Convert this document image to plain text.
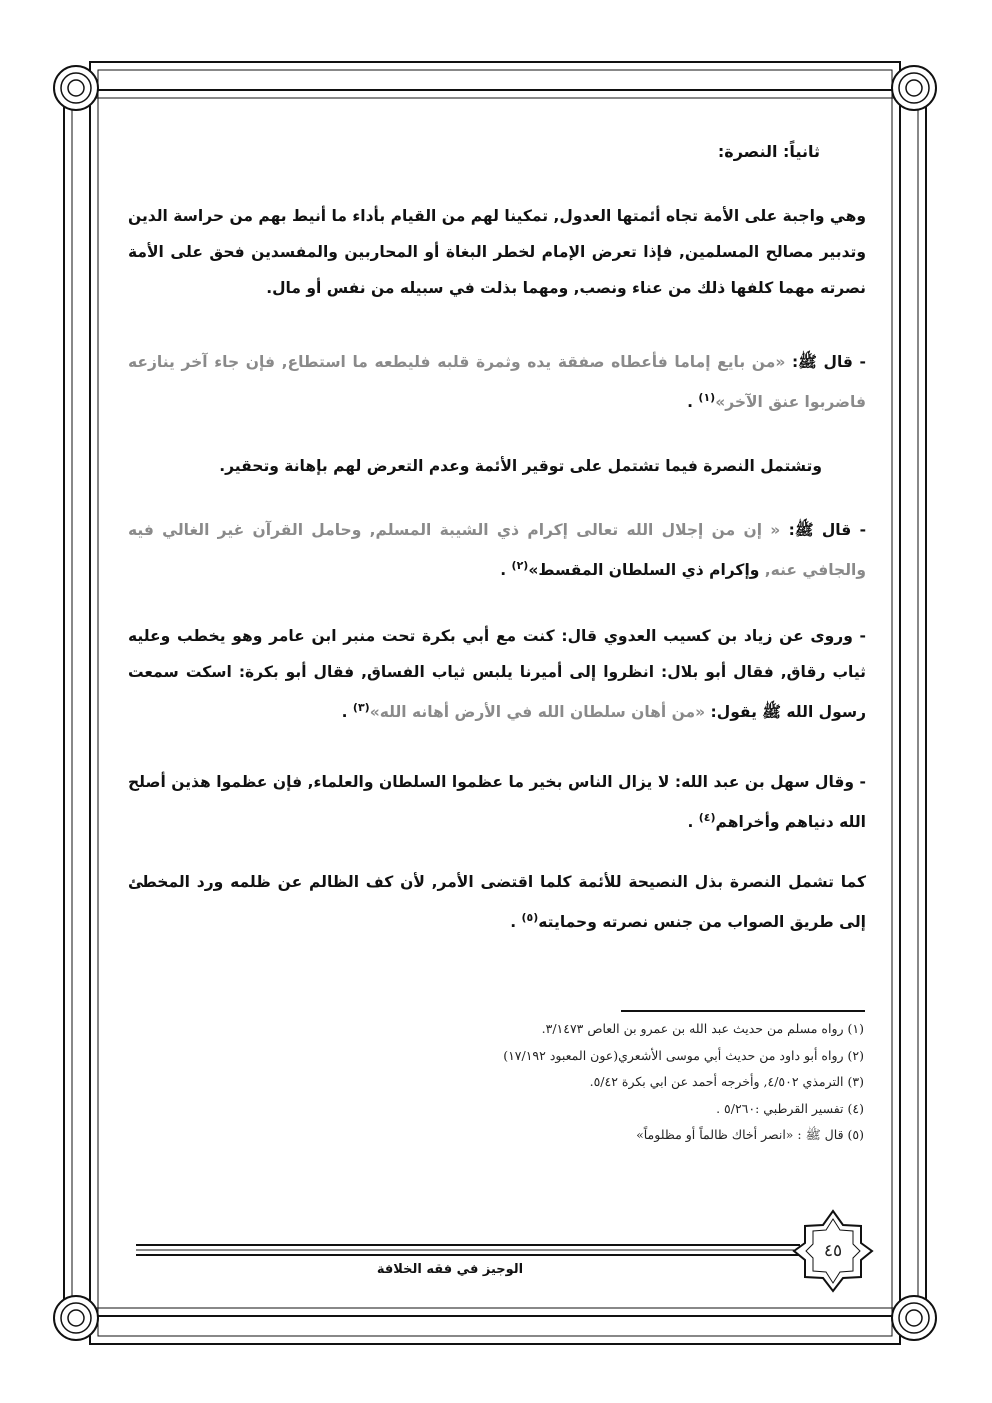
ثانياً: النصرة:

وهي واجبة على الأمة تجاه أئمتها العدول, تمكينا لهم من القيام بأداء ما أنيط بهم من حراسة الدين وتدبير مصالح المسلمين, فإذا تعرض الإمام لخطر البغاة أو المحاربين والمفسدين فحق على الأمة نصرته مهما كلفها ذلك من عناء ونصب, ومهما بذلت في سبيله من نفس أو مال.

- قال ﷺ: «من بايع إماما فأعطاه صفقة يده وثمرة قلبه فليطعه ما استطاع, فإن جاء آخر ينازعه فاضربوا عنق الآخر»$^{(١)}$ .

وتشتمل النصرة فيما تشتمل على توقير الأئمة وعدم التعرض لهم بإهانة وتحقير.

- قال ﷺ: « إن من إجلال الله تعالى إكرام ذي الشيبة المسلم, وحامل القرآن غير الغالي فيه والجافي عنه, وإكرام ذي السلطان المقسط»$^{(٢)}$ .

- وروى عن زياد بن كسيب العدوي قال: كنت مع أبي بكرة تحت منبر ابن عامر وهو يخطب وعليه ثياب رقاق, فقال أبو بلال: انظروا إلى أميرنا يلبس ثياب الفساق, فقال أبو بكرة: اسكت سمعت رسول الله ﷺ يقول: «من أهان سلطان الله في الأرض أهانه الله»$^{(٣)}$ .

- وقال سهل بن عبد الله: لا يزال الناس بخير ما عظموا السلطان والعلماء, فإن عظموا هذين أصلح الله دنياهم وأخراهم$^{(٤)}$ .

كما تشمل النصرة بذل النصيحة للأئمة كلما اقتضى الأمر, لأن كف الظالم عن ظلمه ورد المخطئ إلى طريق الصواب من جنس نصرته وحمايته$^{(٥)}$ .

(١) رواه مسلم من حديث عبد الله بن عمرو بن العاص ٣/١٤٧٣.
(٢) رواه أبو داود من حديث أبي موسى الأشعري(عون المعبود ١٧/١٩٢)
(٣) الترمذي ٤/٥٠٢, وأخرجه أحمد عن ابي بكرة ٥/٤٢.
(٤) تفسير القرطبي :٥/٢٦٠ .
(٥) قال ﷺ : «انصر أخاك ظالماً أو مظلوماً»
٤٥
الوجيز في فقه الخلافة
